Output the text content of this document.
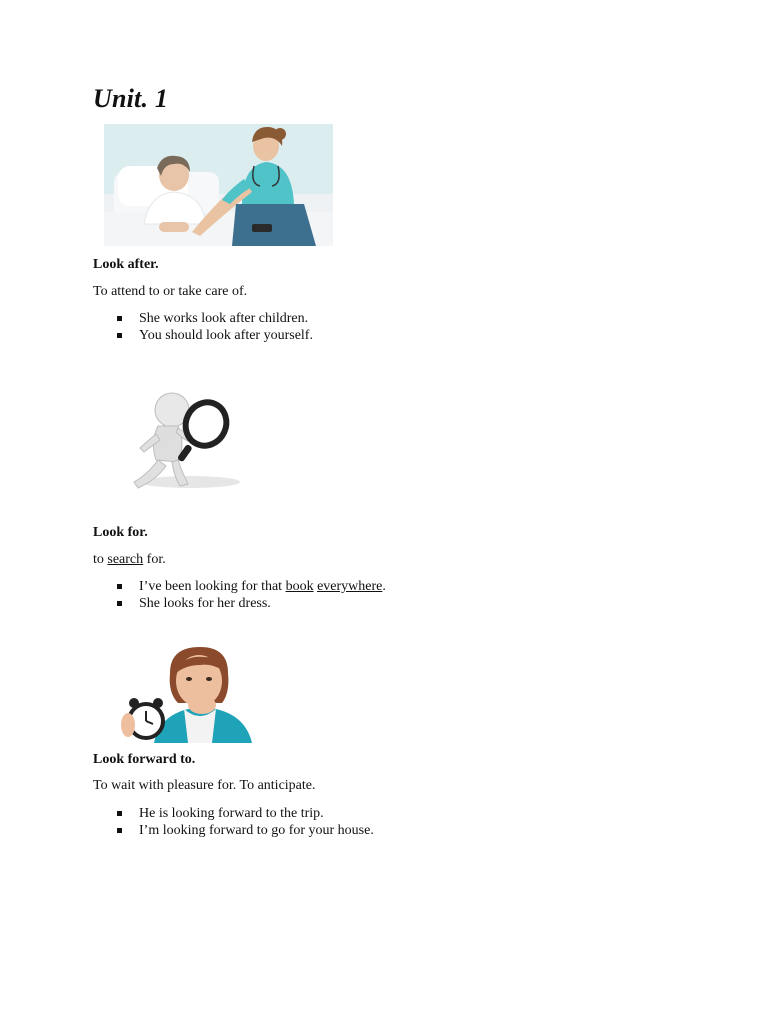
Unit. 1

Look after.

To attend to or take care of.

She works look after children.
You should look after yourself.

Look for.

to search for.

I’ve been looking for that book everywhere.
She looks for her dress.

Look forward to.

To wait with pleasure for. To anticipate.

He is looking forward to the trip.
I’m looking forward to go for your house.
